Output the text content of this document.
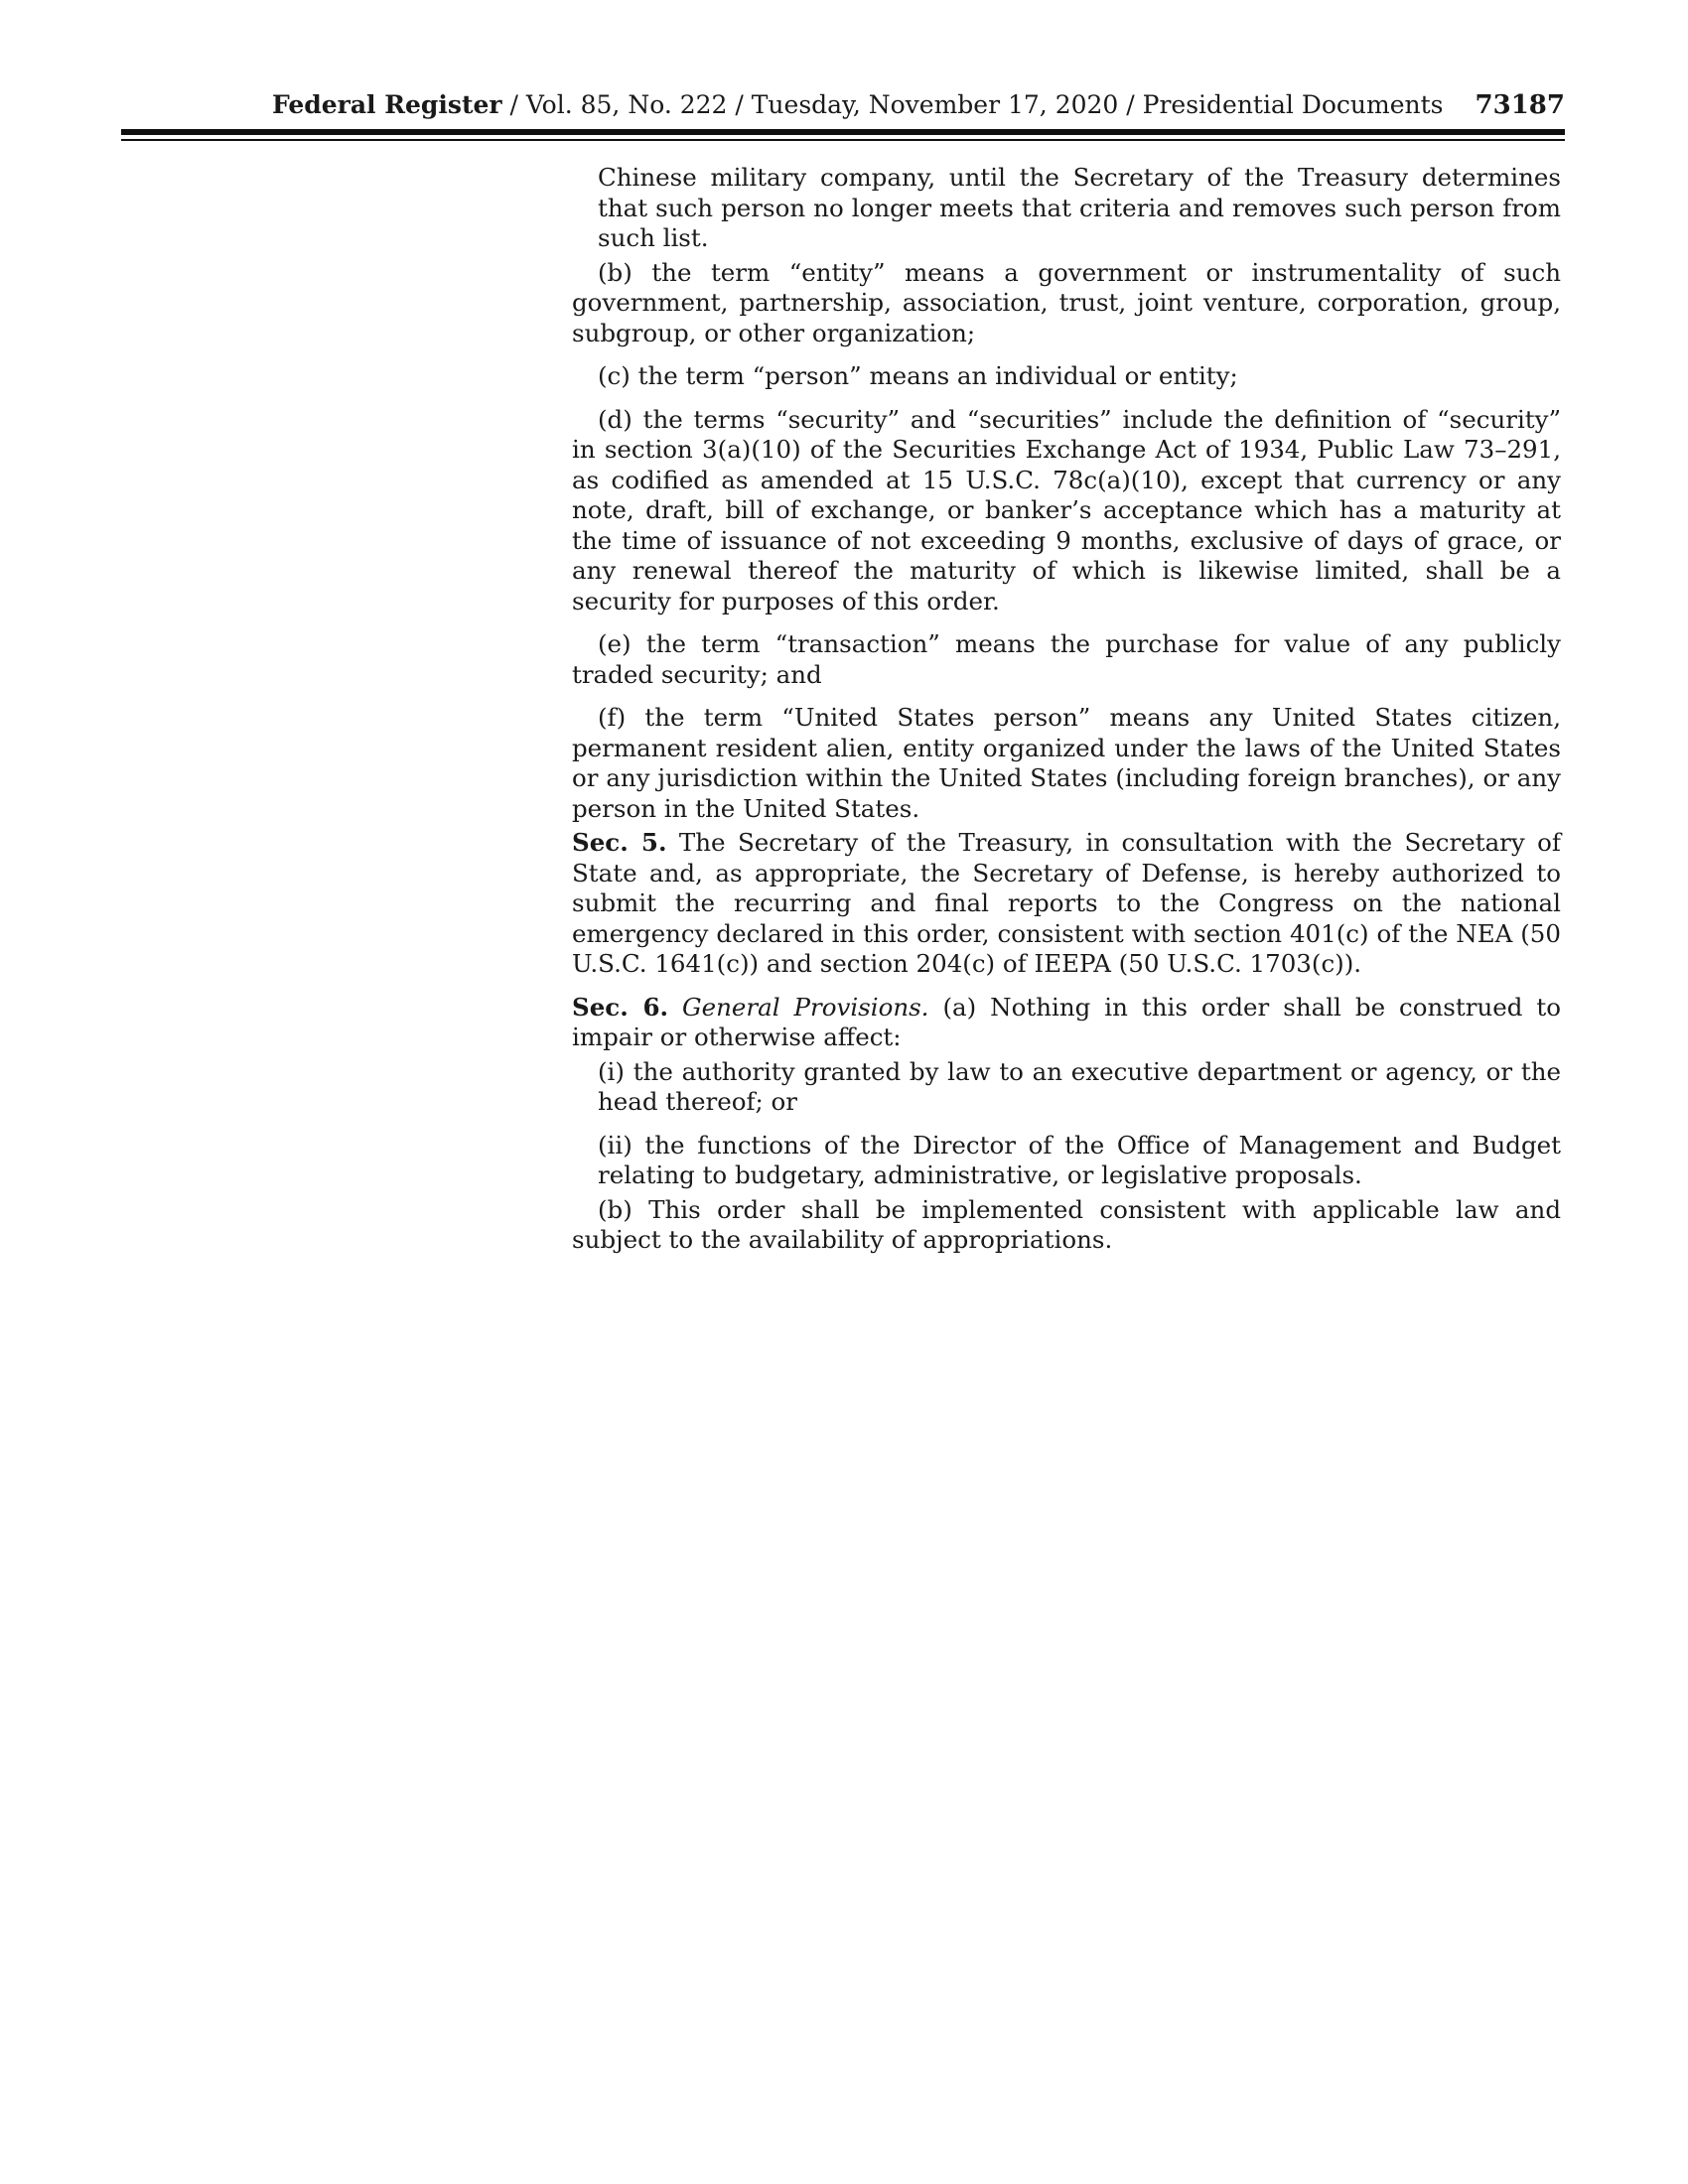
Federal Register / Vol. 85, No. 222 / Tuesday, November 17, 2020 / Presidential Documents 73187

Chinese military company, until the Secretary of the Treasury determines that such person no longer meets that criteria and removes such person from such list.

(b) the term “entity” means a government or instrumentality of such government, partnership, association, trust, joint venture, corporation, group, subgroup, or other organization;

(c) the term “person” means an individual or entity;

(d) the terms “security” and “securities” include the definition of “security” in section 3(a)(10) of the Securities Exchange Act of 1934, Public Law 73–291, as codified as amended at 15 U.S.C. 78c(a)(10), except that currency or any note, draft, bill of exchange, or banker’s acceptance which has a maturity at the time of issuance of not exceeding 9 months, exclusive of days of grace, or any renewal thereof the maturity of which is likewise limited, shall be a security for purposes of this order.

(e) the term “transaction” means the purchase for value of any publicly traded security; and

(f) the term “United States person” means any United States citizen, permanent resident alien, entity organized under the laws of the United States or any jurisdiction within the United States (including foreign branches), or any person in the United States.

Sec. 5. The Secretary of the Treasury, in consultation with the Secretary of State and, as appropriate, the Secretary of Defense, is hereby authorized to submit the recurring and final reports to the Congress on the national emergency declared in this order, consistent with section 401(c) of the NEA (50 U.S.C. 1641(c)) and section 204(c) of IEEPA (50 U.S.C. 1703(c)).

Sec. 6. General Provisions. (a) Nothing in this order shall be construed to impair or otherwise affect:

(i) the authority granted by law to an executive department or agency, or the head thereof; or

(ii) the functions of the Director of the Office of Management and Budget relating to budgetary, administrative, or legislative proposals.

(b) This order shall be implemented consistent with applicable law and subject to the availability of appropriations.
